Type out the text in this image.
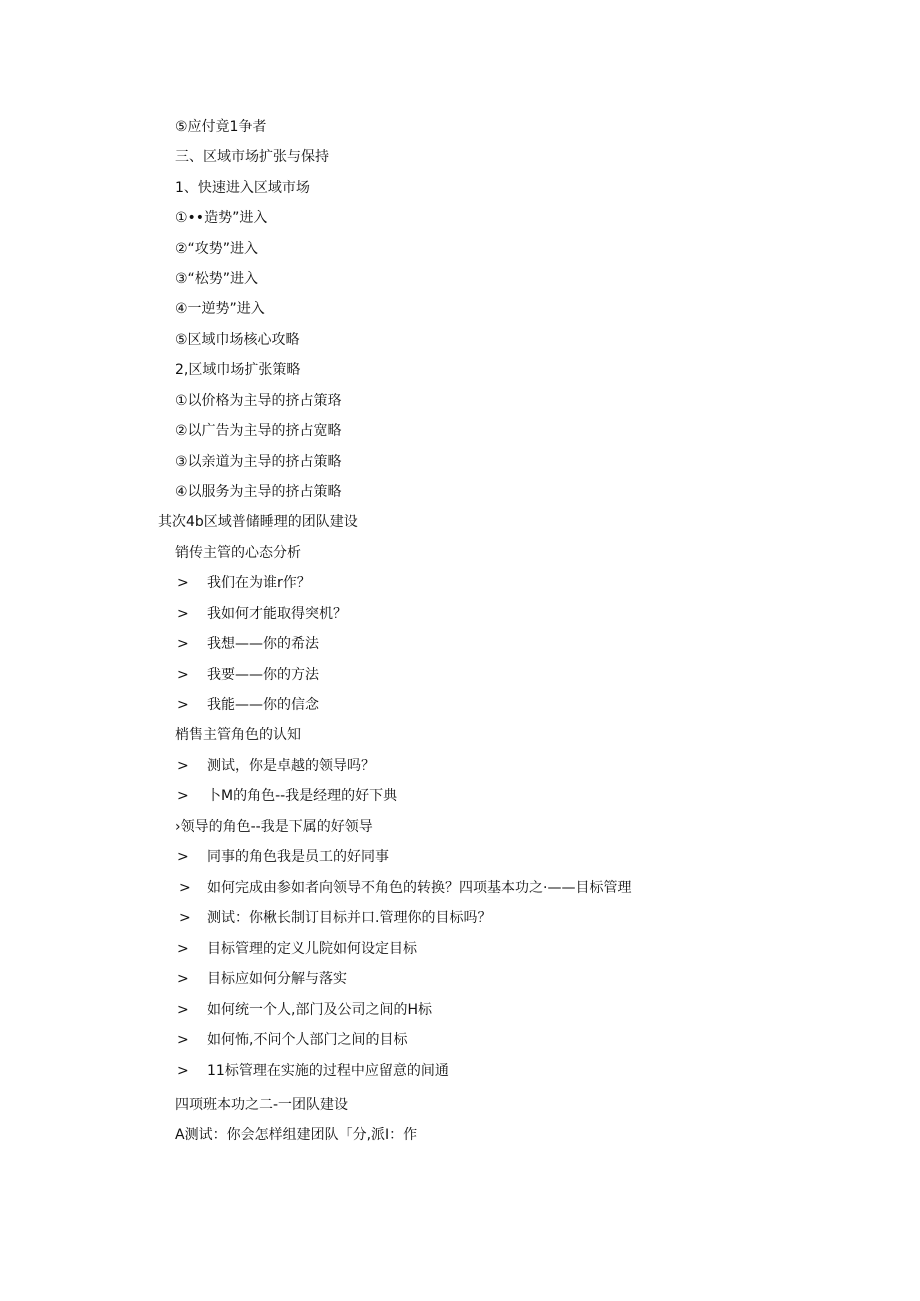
⑤应付竟1争者
三、区域市场扩张与保持
1、快速进入区域市场
①••造势”进入
②“攻势”进入
③“松势”进入
④一逆势”进入
⑤区域巾场核心攻略
2,区域巾场扩张策略
①以价格为主导的挤占策珞
②以广告为主导的挤占宽略
③以亲道为主导的挤占策略
④以服务为主导的挤占策略
其次4b区域普储睡理的团队建设
销传主管的心态分析
> 我们在为谁r作？
> 我如何才能取得突机？
> 我想——你的希法
> 我要——你的方法
> 我能——你的信念
梢售主管角色的认知
> 测试，你是卓越的领导吗？
> 卜M的角色--我是经理的好下典
›领导的角色--我是下属的好领导
> 同事的角色我是员工的好同事
> 如何完成由参如者向领导不角色的转换？四项基本功之·——目标管理
> 测试：你楸长制订目标并口.管理你的目标吗？
> 目标管理的定义儿院如何设定目标
> 目标应如何分解与落实
> 如何统一个人,部门及公司之间的H标
> 如何怖,不问个人部门之间的目标
> 11标管理在实施的过程中应留意的间通
四项班本功之二-一团队建设
A测试：你会怎样组建团队「分,派I：作
